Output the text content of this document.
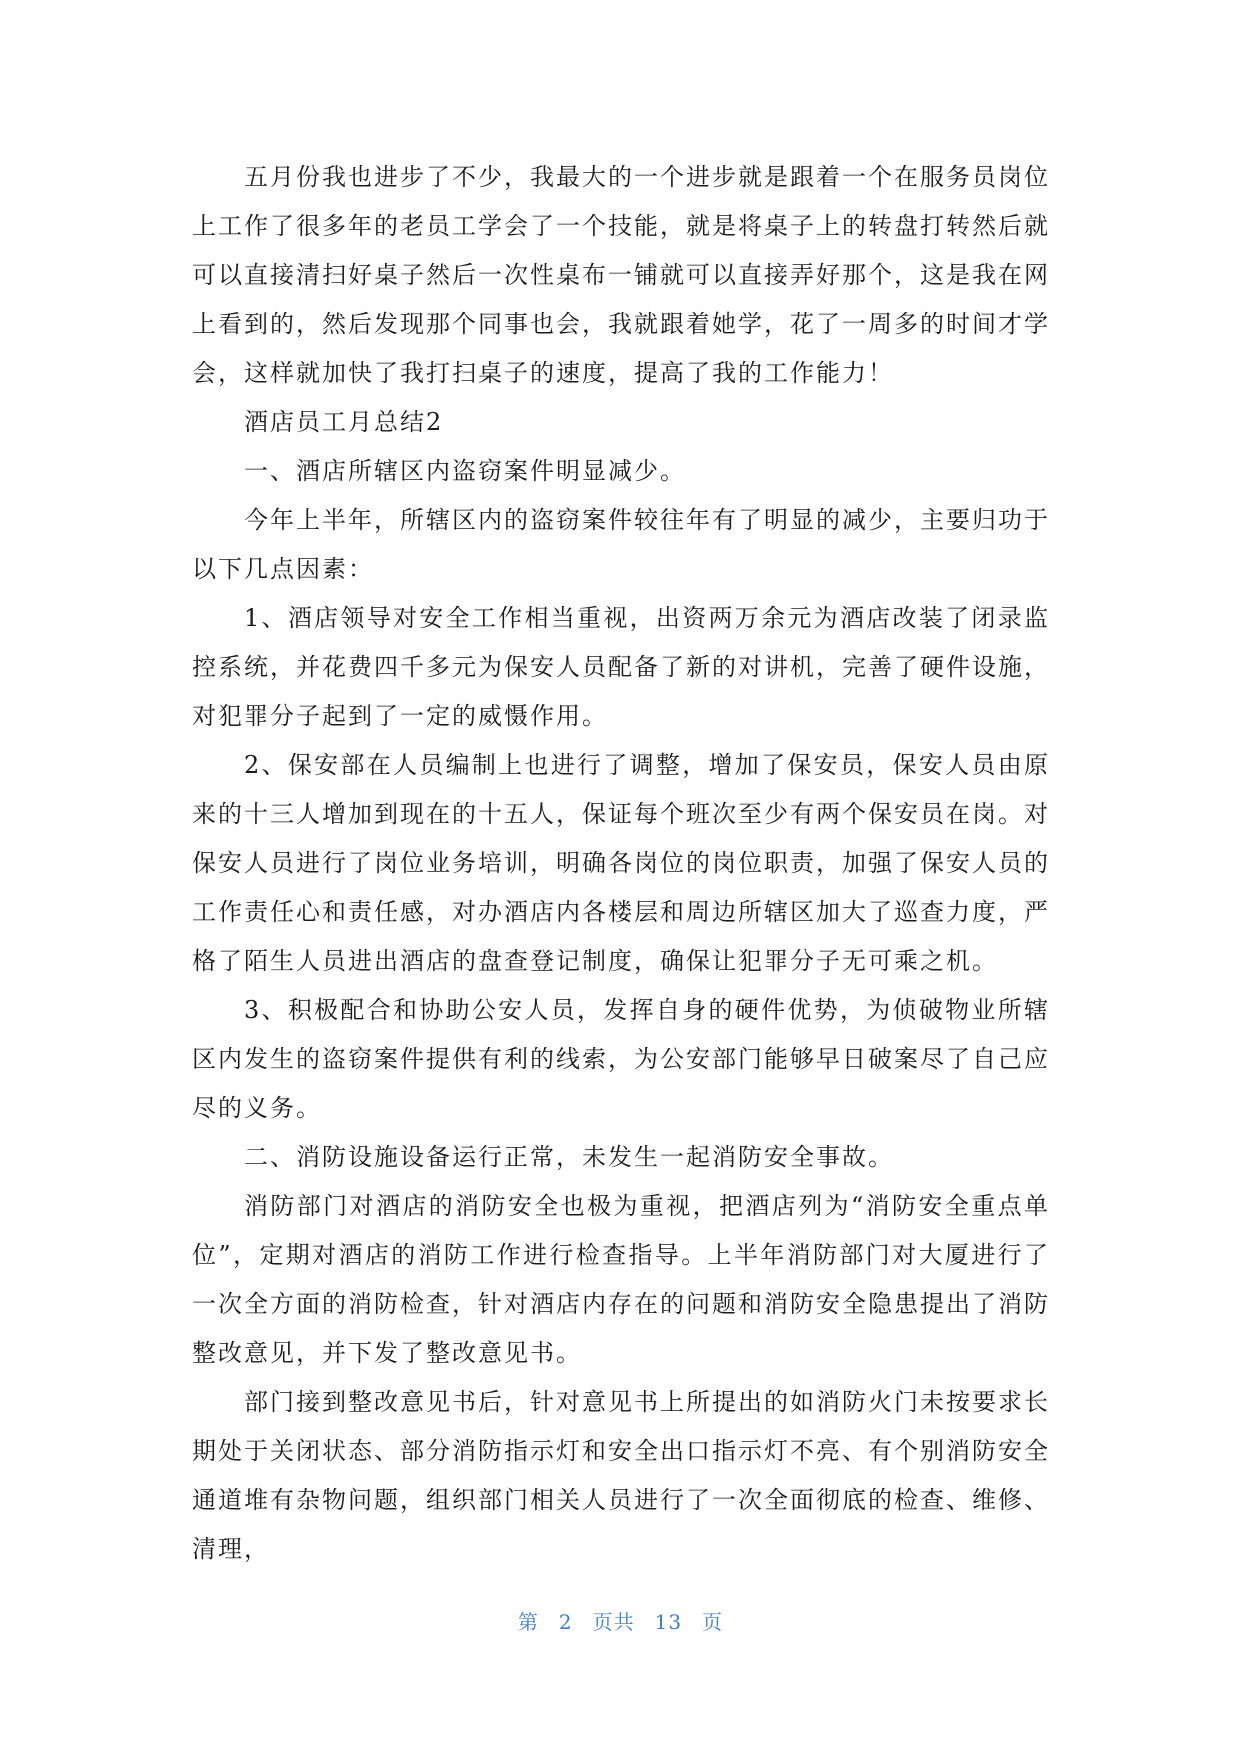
五月份我也进步了不少，我最大的一个进步就是跟着一个在服务员岗位上工作了很多年的老员工学会了一个技能，就是将桌子上的转盘打转然后就可以直接清扫好桌子然后一次性桌布一铺就可以直接弄好那个，这是我在网上看到的，然后发现那个同事也会，我就跟着她学，花了一周多的时间才学会，这样就加快了我打扫桌子的速度，提高了我的工作能力！

酒店员工月总结2

一、酒店所辖区内盗窃案件明显减少。

今年上半年，所辖区内的盗窃案件较往年有了明显的减少，主要归功于以下几点因素：

1、酒店领导对安全工作相当重视，出资两万余元为酒店改装了闭录监控系统，并花费四千多元为保安人员配备了新的对讲机，完善了硬件设施，对犯罪分子起到了一定的威慑作用。

2、保安部在人员编制上也进行了调整，增加了保安员，保安人员由原来的十三人增加到现在的十五人，保证每个班次至少有两个保安员在岗。对保安人员进行了岗位业务培训，明确各岗位的岗位职责，加强了保安人员的工作责任心和责任感，对办酒店内各楼层和周边所辖区加大了巡查力度，严格了陌生人员进出酒店的盘查登记制度，确保让犯罪分子无可乘之机。

3、积极配合和协助公安人员，发挥自身的硬件优势，为侦破物业所辖区内发生的盗窃案件提供有利的线索，为公安部门能够早日破案尽了自己应尽的义务。

二、消防设施设备运行正常，未发生一起消防安全事故。

消防部门对酒店的消防安全也极为重视，把酒店列为“消防安全重点单位”，定期对酒店的消防工作进行检查指导。上半年消防部门对大厦进行了一次全方面的消防检查，针对酒店内存在的问题和消防安全隐患提出了消防整改意见，并下发了整改意见书。

部门接到整改意见书后，针对意见书上所提出的如消防火门未按要求长期处于关闭状态、部分消防指示灯和安全出口指示灯不亮、有个别消防安全通道堆有杂物问题，组织部门相关人员进行了一次全面彻底的检查、维修、清理，

第 2 页共 13 页
